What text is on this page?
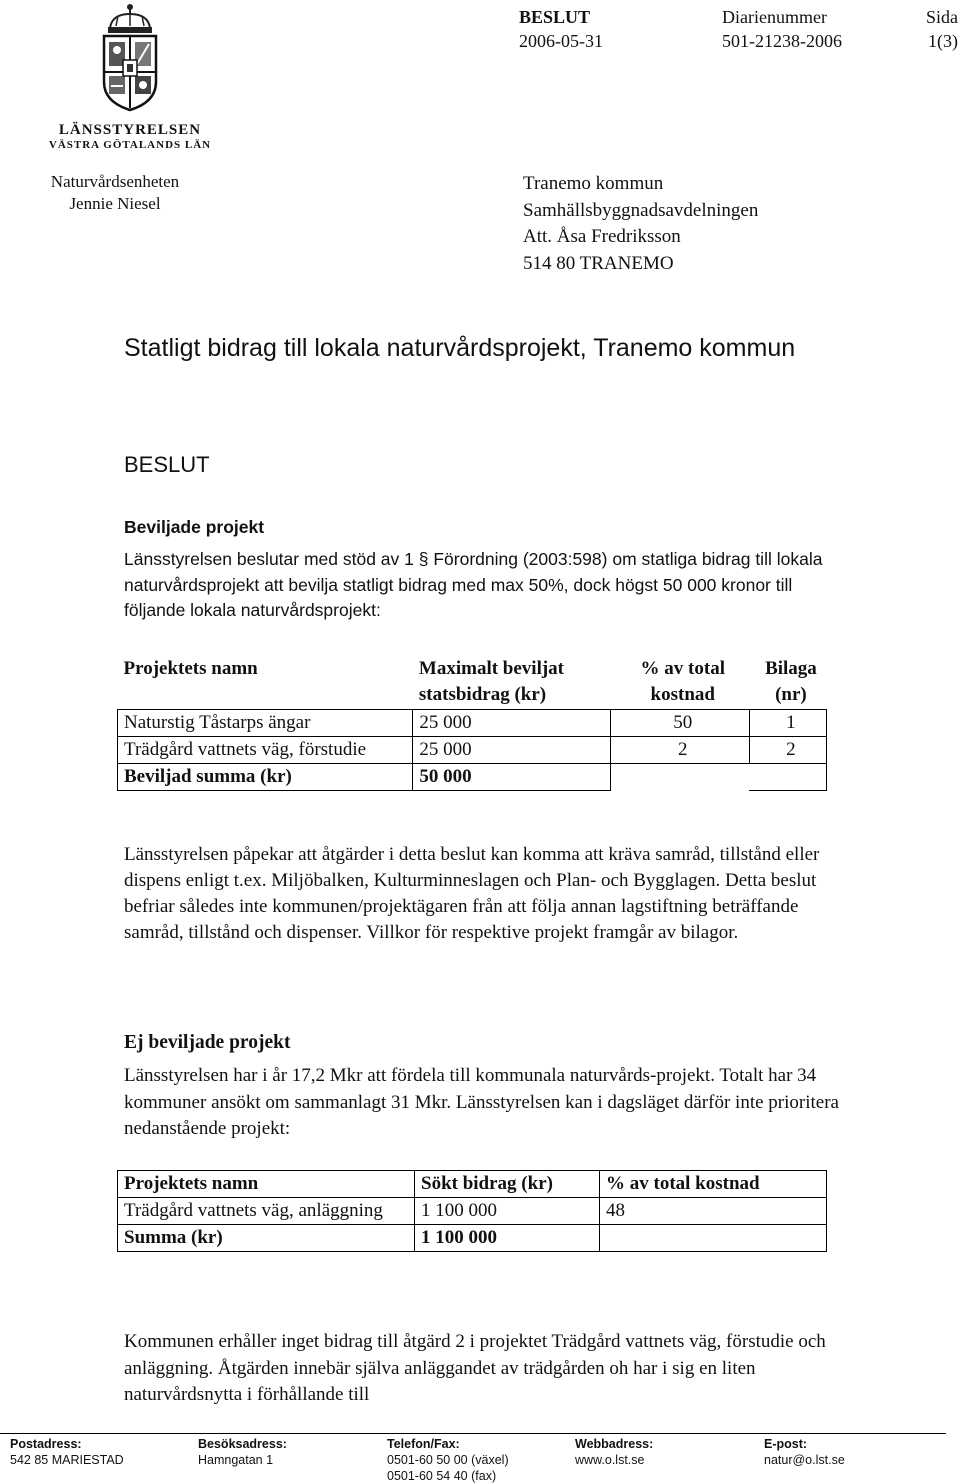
LÄNSSTYRELSEN
VÄSTRA GÖTALANDS LÄN
Naturvårdsenheten
Jennie Niesel
BESLUT
2006-05-31
Diarienummer
501-21238-2006
Sida
1(3)
Tranemo kommun
Samhällsbyggnadsavdelningen
Att. Åsa Fredriksson
514 80 TRANEMO
Statligt bidrag till lokala naturvårdsprojekt, Tranemo kommun
BESLUT
Beviljade projekt
Länsstyrelsen beslutar med stöd av 1 § Förordning (2003:598) om statliga bidrag till lokala naturvårdsprojekt att bevilja statligt bidrag med max 50%, dock högst 50 000 kronor till följande lokala naturvårdsprojekt:
Projektets namn	Maximalt beviljat statsbidrag (kr)	% av total kostnad	Bilaga (nr)
Naturstig Tåstarps ängar	25 000	50	1
Trädgård vattnets väg, förstudie	25 000	2	2
Beviljad summa (kr)	50 000		
Länsstyrelsen påpekar att åtgärder i detta beslut kan komma att kräva samråd, tillstånd eller dispens enligt t.ex. Miljöbalken, Kulturminneslagen och Plan- och Bygglagen. Detta beslut befriar således inte kommunen/projektägaren från att följa annan lagstiftning beträffande samråd, tillstånd och dispenser. Villkor för respektive projekt framgår av bilagor.
Ej beviljade projekt
Länsstyrelsen har i år 17,2 Mkr att fördela till kommunala naturvårds-projekt. Totalt har 34 kommuner ansökt om sammanlagt 31 Mkr. Länsstyrelsen kan i dagsläget därför inte prioritera nedanstående projekt:
Projektets namn	Sökt bidrag (kr)	% av total kostnad
Trädgård vattnets väg, anläggning	1 100 000	48
Summa (kr)	1 100 000	
Kommunen erhåller inget bidrag till åtgärd 2 i projektet Trädgård vattnets väg, förstudie och anläggning. Åtgärden innebär själva anläggandet av trädgården oh har i sig en liten naturvårdsnytta i förhållande till
Postadress:
542 85 MARIESTAD
Besöksadress:
Hamngatan 1
Telefon/Fax:
0501-60 50 00 (växel)
0501-60 54 40 (fax)
Webbadress:
www.o.lst.se
E-post:
natur@o.lst.se
